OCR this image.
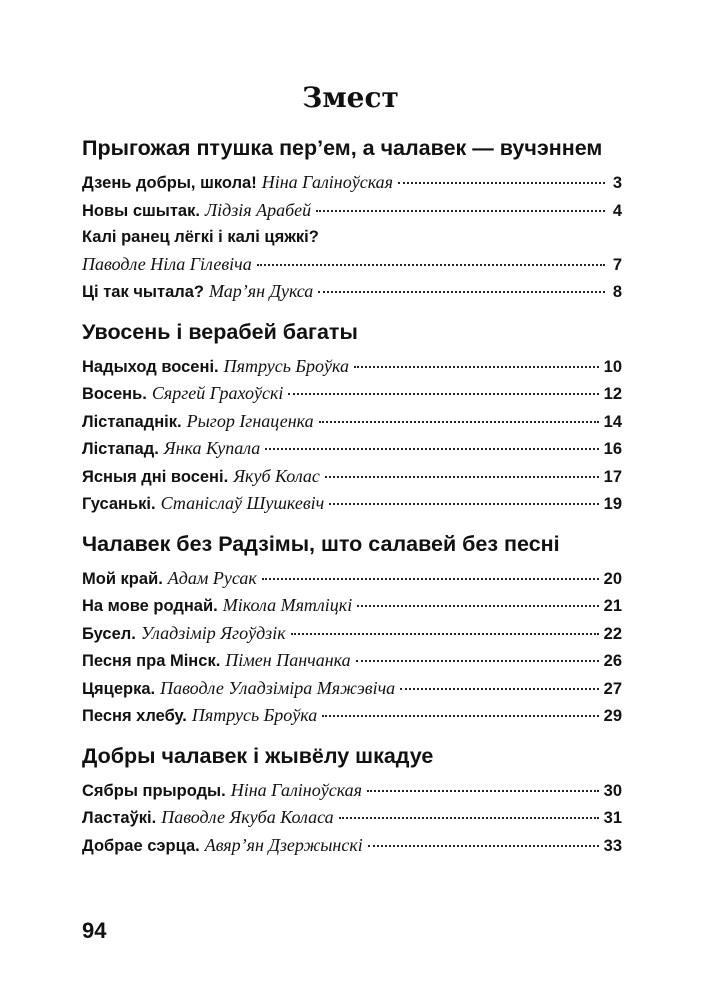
Змест
Прыгожая птушка пер’ем, а чалавек — вучэннем
Дзень добры, школа! Ніна Галіноўская	3
Новы сшытак. Лідзія Арабей	4
Калі ранец лёгкі і калі цяжкі?
Паводле Ніла Гілевіча	7
Ці так чытала? Мар’ян Дукса	8
Увосень і верабей багаты
Надыход восені. Пятрусь Броўка	10
Восень. Сяргей Грахоўскі	12
Лістападнік. Рыгор Ігнаценка	14
Лістапад. Янка Купала	16
Ясныя дні восені. Якуб Колас	17
Гусанькі. Станіслаў Шушкевіч	19
Чалавек без Радзімы, што салавей без песні
Мой край. Адам Русак	20
На мове роднай. Мікола Мятліцкі	21
Бусел. Уладзімір Ягоўдзік	22
Песня пра Мінск. Пімен Панчанка	26
Цяцерка. Паводле Уладзіміра Мяжэвіча	27
Песня хлебу. Пятрусь Броўка	29
Добры чалавек і жывёлу шкадуе
Сябры прыроды. Ніна Галіноўская	30
Ластаўкі. Паводле Якуба Коласа	31
Добрае сэрца. Авяр’ян Дзержынскі	33
94
